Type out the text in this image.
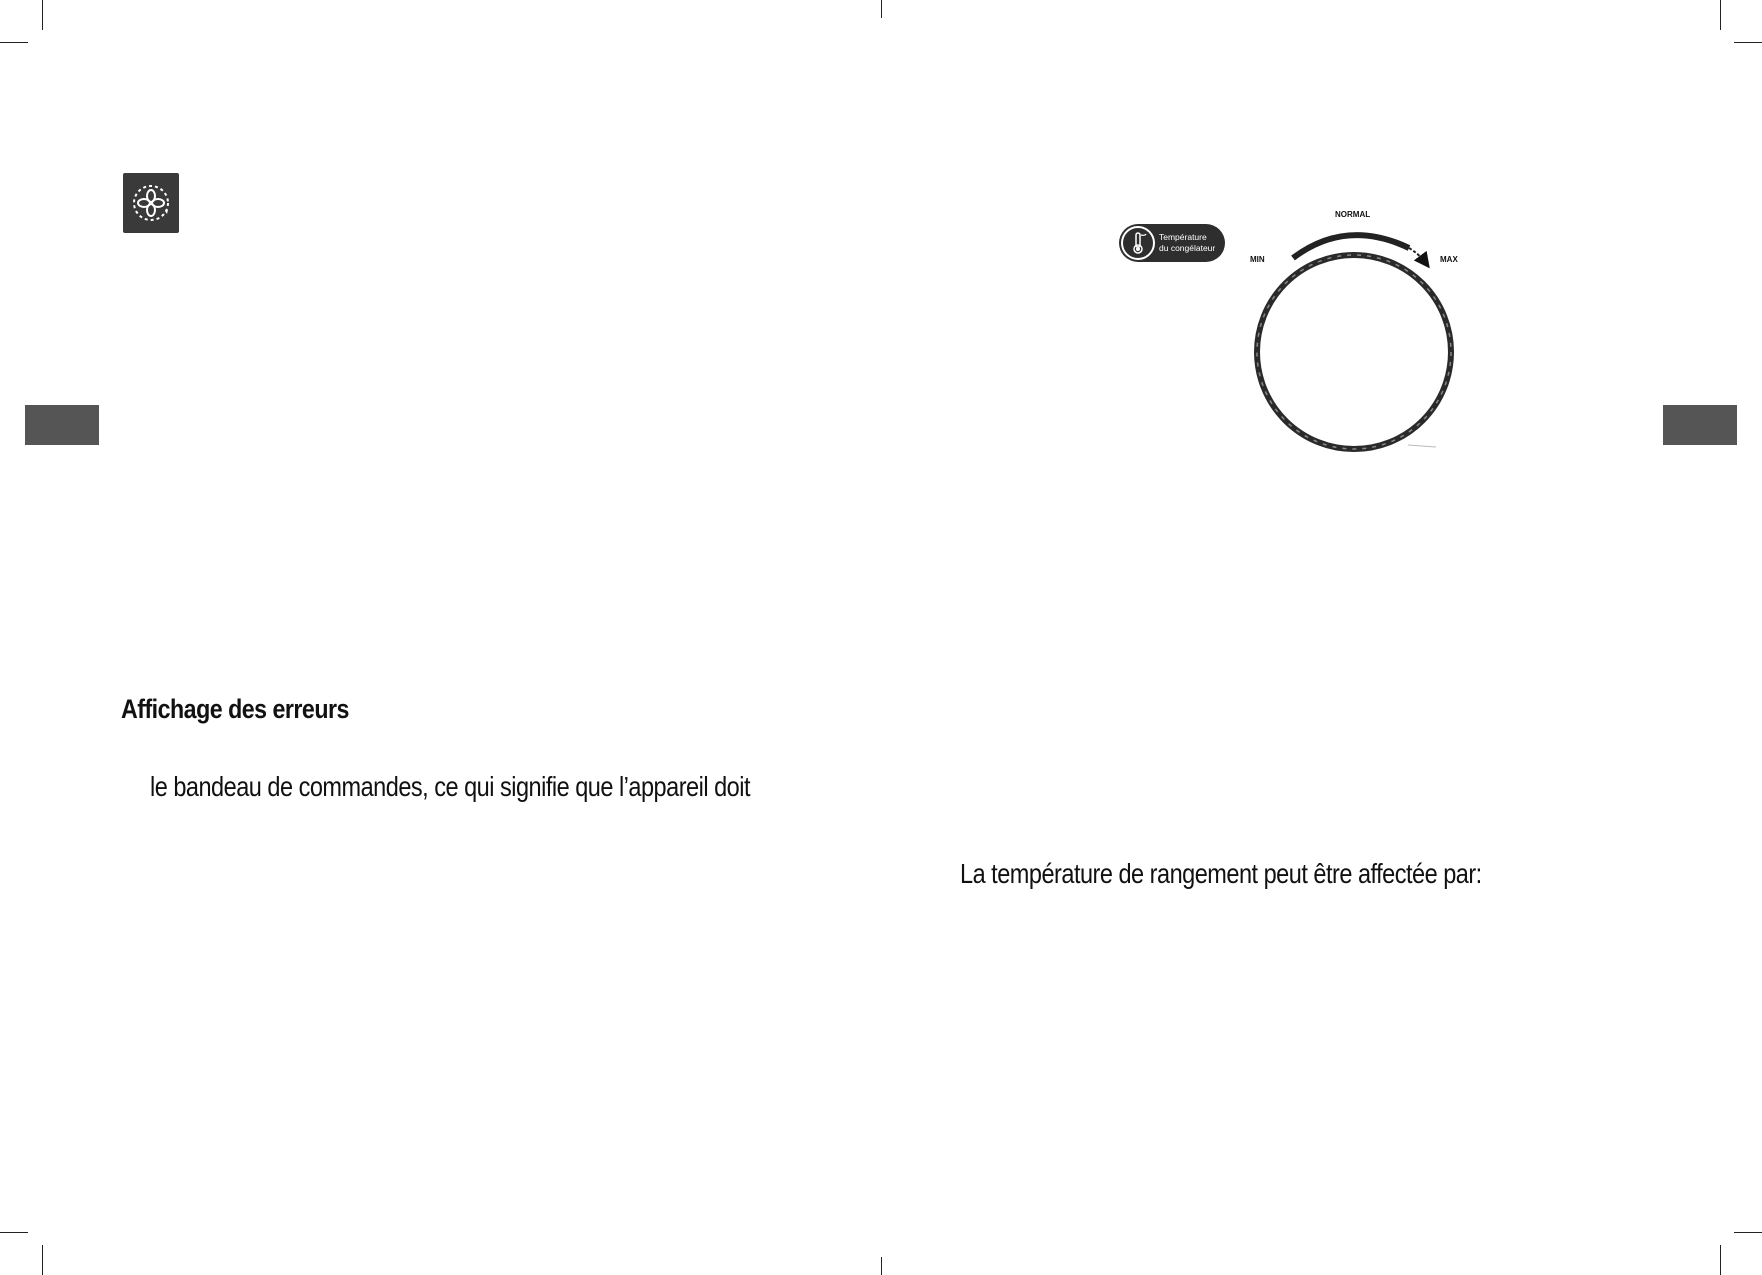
Affichage des erreurs
le bandeau de commandes, ce qui signifie que l’appareil doit
Température
du congélateur
NORMAL
MIN	MAX
La température de rangement peut être affectée par:
